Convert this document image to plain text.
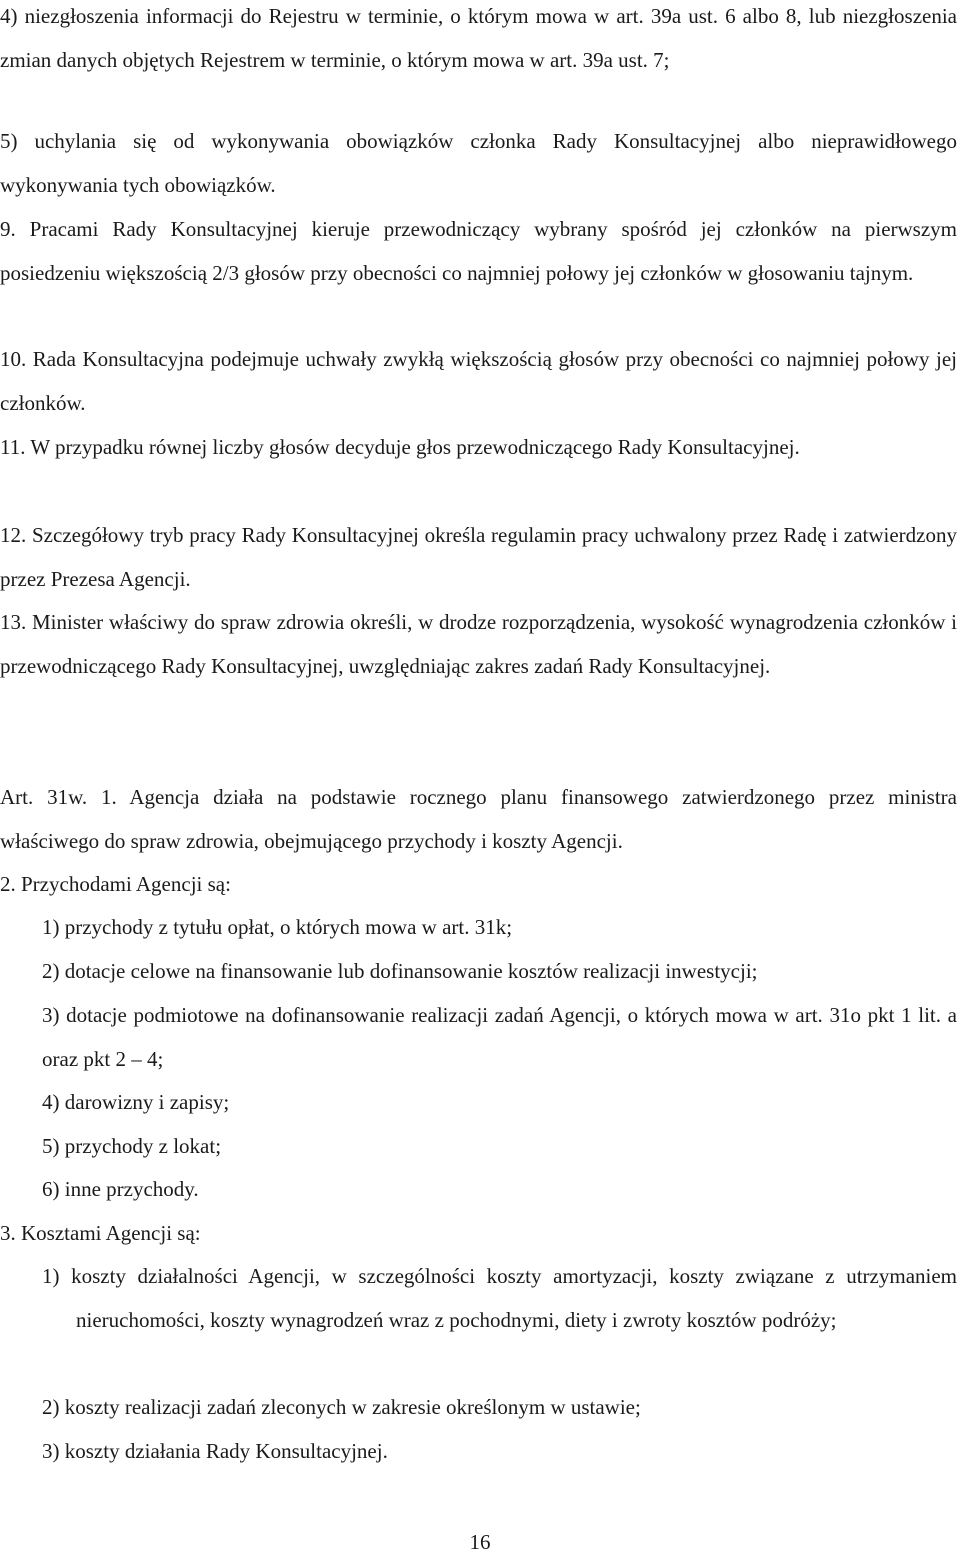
4) niezgłoszenia informacji do Rejestru w terminie, o którym mowa w art. 39a ust. 6 albo 8, lub niezgłoszenia zmian danych objętych Rejestrem w terminie, o którym mowa w art. 39a ust. 7;

5) uchylania się od wykonywania obowiązków członka Rady Konsultacyjnej albo nieprawidłowego wykonywania tych obowiązków.

9. Pracami Rady Konsultacyjnej kieruje przewodniczący wybrany spośród jej członków na pierwszym posiedzeniu większością 2/3 głosów przy obecności co najmniej połowy jej członków w głosowaniu tajnym.

10. Rada Konsultacyjna podejmuje uchwały zwykłą większością głosów przy obecności co najmniej połowy jej członków.

11. W przypadku równej liczby głosów decyduje głos przewodniczącego Rady Konsultacyjnej.

12. Szczegółowy tryb pracy Rady Konsultacyjnej określa regulamin pracy uchwalony przez Radę i zatwierdzony przez Prezesa Agencji.

13. Minister właściwy do spraw zdrowia określi, w drodze rozporządzenia, wysokość wynagrodzenia członków i przewodniczącego Rady Konsultacyjnej, uwzględniając zakres zadań Rady Konsultacyjnej.

Art. 31w. 1. Agencja działa na podstawie rocznego planu finansowego zatwierdzonego przez ministra właściwego do spraw zdrowia, obejmującego przychody i koszty Agencji.

2. Przychodami Agencji są:

1) przychody z tytułu opłat, o których mowa w art. 31k;

2) dotacje celowe na finansowanie lub dofinansowanie kosztów realizacji inwestycji;

3) dotacje podmiotowe na dofinansowanie realizacji zadań Agencji, o których mowa w art. 31o pkt 1 lit. a oraz pkt 2 – 4;

4) darowizny i zapisy;

5) przychody z lokat;

6) inne przychody.

3. Kosztami Agencji są:

1) koszty działalności Agencji, w szczególności koszty amortyzacji, koszty związane z utrzymaniem nieruchomości, koszty wynagrodzeń wraz z pochodnymi, diety i zwroty kosztów podróży;

2) koszty realizacji zadań zleconych w zakresie określonym w ustawie;

3) koszty działania Rady Konsultacyjnej.

16
